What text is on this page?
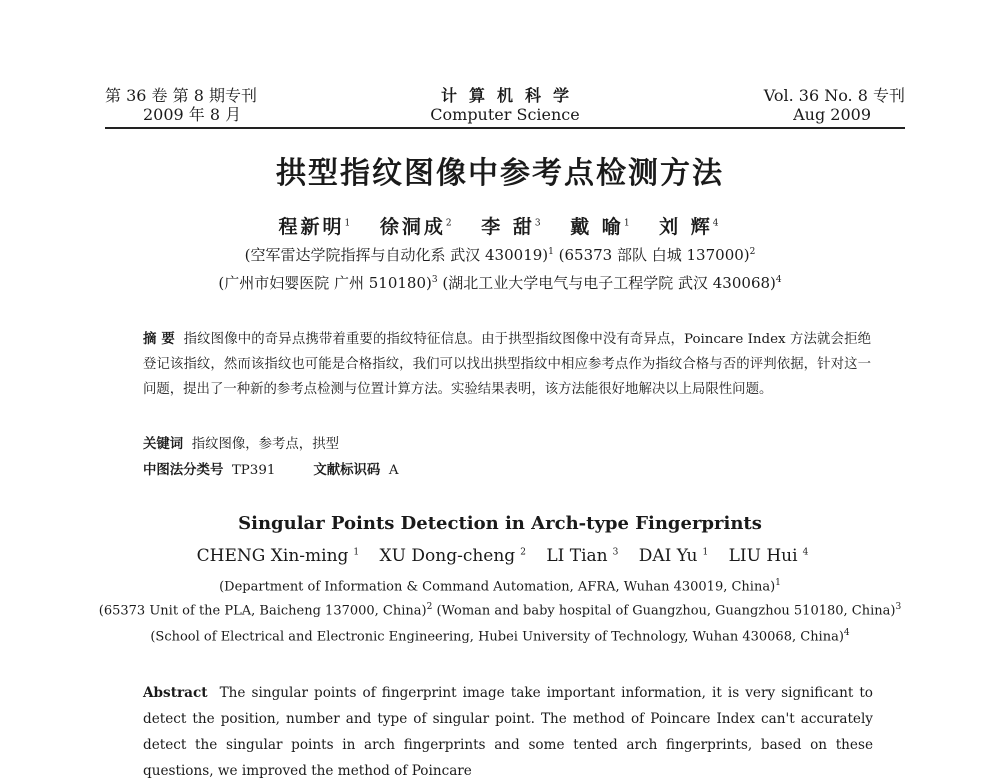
第 36 卷 第 8 期专刊
2009 年 8 月
计算机科学
Computer Science
Vol. 36 No. 8 专刊
Aug 2009
拱型指纹图像中参考点检测方法
程新明$^1$ 徐洞成$^2$ 李 甜$^3$ 戴 喻$^1$ 刘 辉$^4$
(空军雷达学院指挥与自动化系 武汉 430019)$^1$ (65373 部队 白城 137000)$^2$
(广州市妇婴医院 广州 510180)$^3$ (湖北工业大学电气与电子工程学院 武汉 430068)$^4$
摘 要 指纹图像中的奇异点携带着重要的指纹特征信息。由于拱型指纹图像中没有奇异点，Poincare Index 方法就会拒绝登记该指纹，然而该指纹也可能是合格指纹，我们可以找出拱型指纹中相应参考点作为指纹合格与否的评判依据，针对这一问题，提出了一种新的参考点检测与位置计算方法。实验结果表明，该方法能很好地解决以上局限性问题。
关键词 指纹图像，参考点，拱型
中图法分类号 TP391	文献标识码 A
Singular Points Detection in Arch-type Fingerprints
CHENG Xin-ming $^1$ XU Dong-cheng $^2$ LI Tian $^3$ DAI Yu $^1$ LIU Hui $^4$
(Department of Information & Command Automation, AFRA, Wuhan 430019, China)$^1$
(65373 Unit of the PLA, Baicheng 137000, China)$^2$ (Woman and baby hospital of Guangzhou, Guangzhou 510180, China)$^3$
(School of Electrical and Electronic Engineering, Hubei University of Technology, Wuhan 430068, China)$^4$
Abstract The singular points of fingerprint image take important information, it is very significant to detect the position, number and type of singular point. The method of Poincare Index can't accurately detect the singular points in arch fingerprints and some tented arch fingerprints, based on these questions, we improved the method of Poincare
